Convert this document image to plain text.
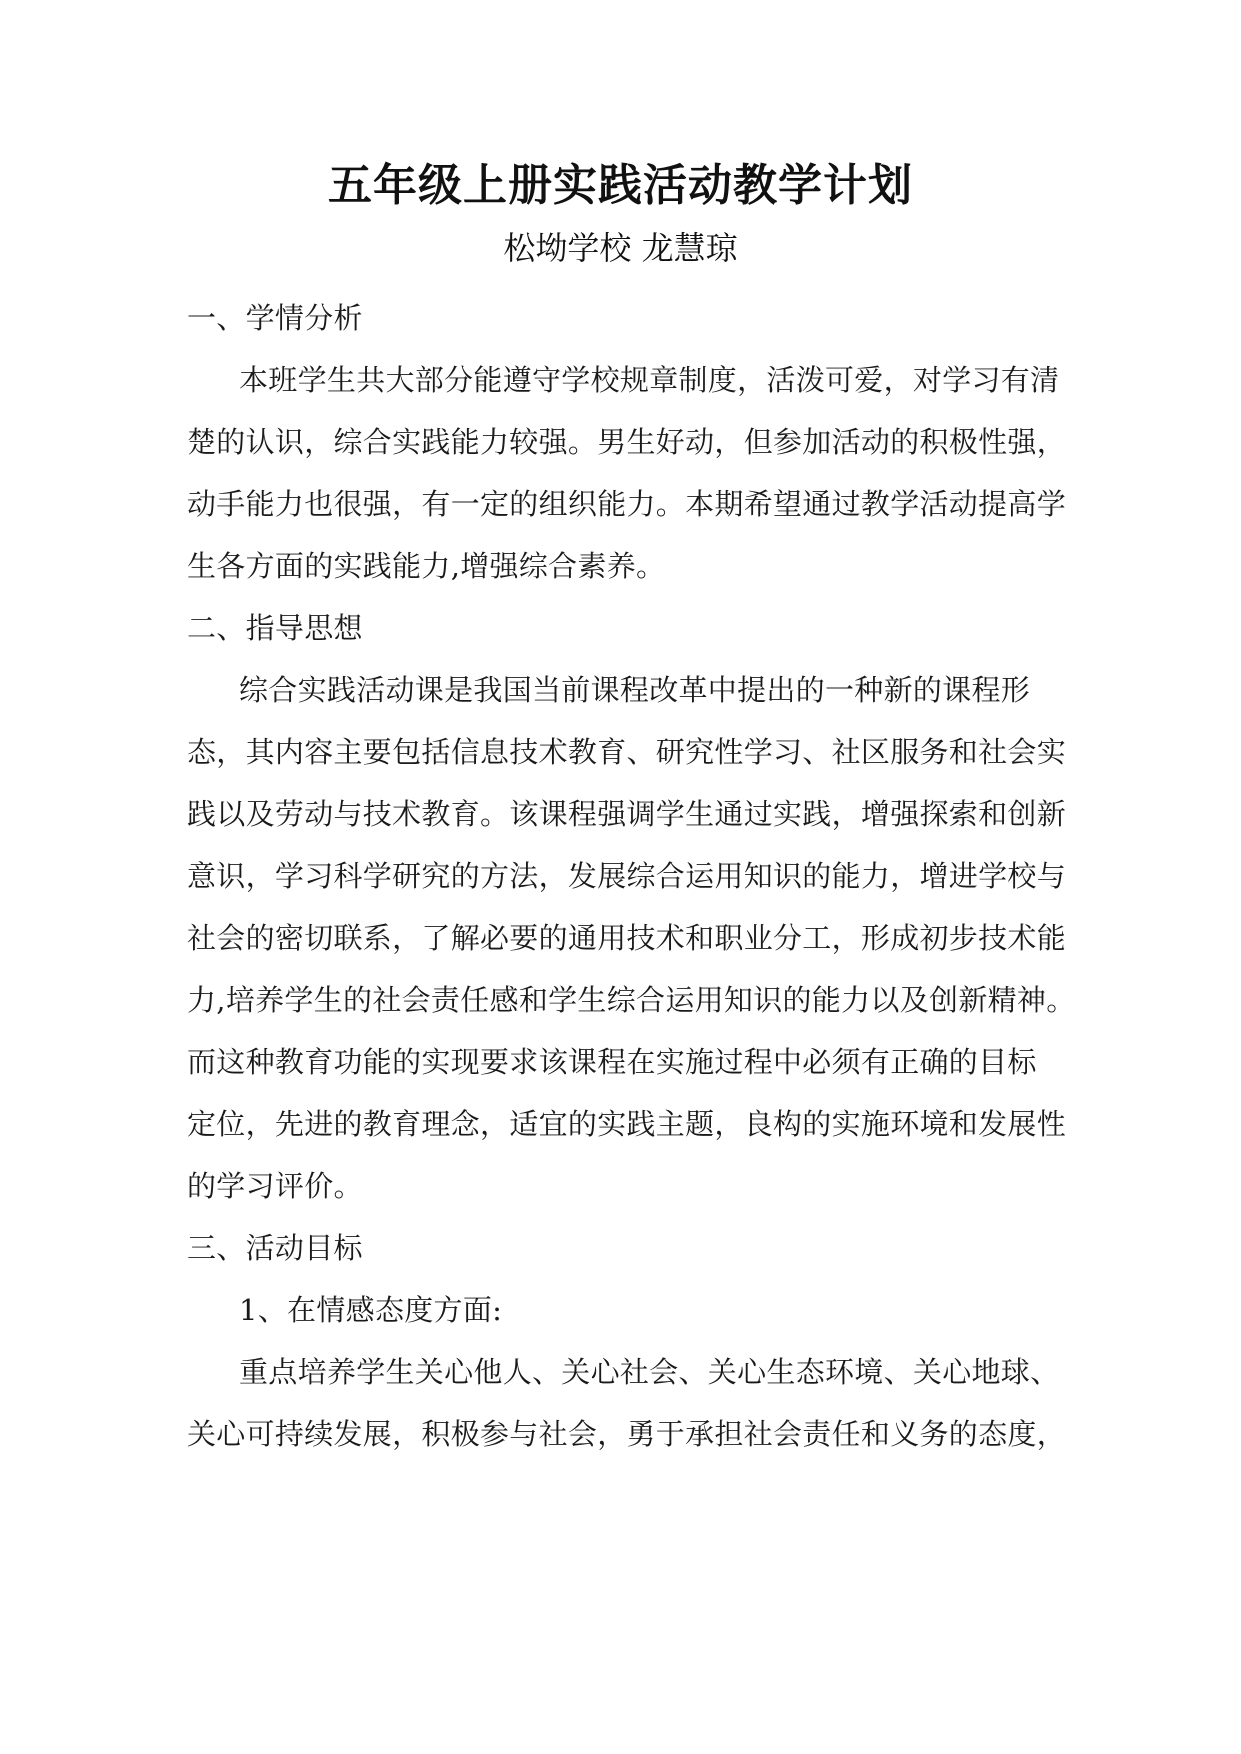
五年级上册实践活动教学计划
松坳学校 龙慧琼
一、学情分析
本班学生共大部分能遵守学校规章制度，活泼可爱，对学习有清
楚的认识，综合实践能力较强。男生好动，但参加活动的积极性强，
动手能力也很强，有一定的组织能力。本期希望通过教学活动提高学
生各方面的实践能力,增强综合素养。
二、指导思想
综合实践活动课是我国当前课程改革中提出的一种新的课程形
态，其内容主要包括信息技术教育、研究性学习、社区服务和社会实
践以及劳动与技术教育。该课程强调学生通过实践，增强探索和创新
意识，学习科学研究的方法，发展综合运用知识的能力，增进学校与
社会的密切联系，了解必要的通用技术和职业分工，形成初步技术能
力,培养学生的社会责任感和学生综合运用知识的能力以及创新精神。
而这种教育功能的实现要求该课程在实施过程中必须有正确的目标
定位，先进的教育理念，适宜的实践主题，良构的实施环境和发展性
的学习评价。
三、活动目标
1、在情感态度方面:
重点培养学生关心他人、关心社会、关心生态环境、关心地球、
关心可持续发展，积极参与社会，勇于承担社会责任和义务的态度，
